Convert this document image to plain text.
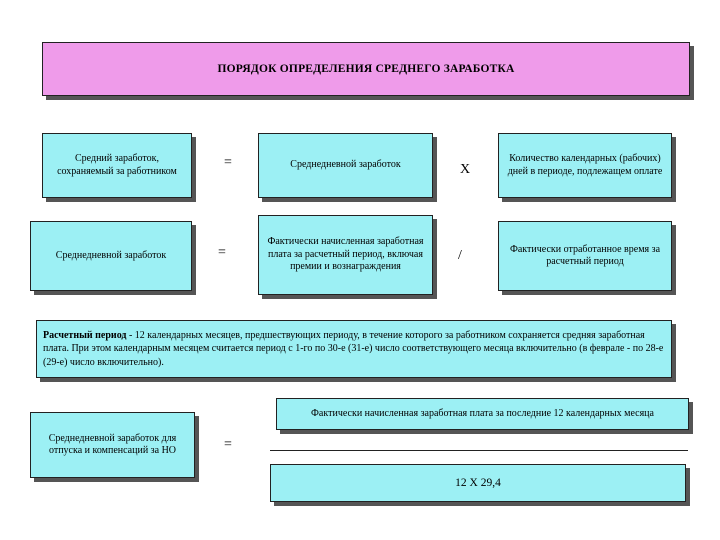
ПОРЯДОК ОПРЕДЕЛЕНИЯ СРЕДНЕГО ЗАРАБОТКА
Средний заработок, сохраняемый за работником
=	Среднедневной заработок	Х
Количество календарных (рабочих) дней в периоде, подлежащем оплате
Среднедневной заработок	=
Фактически начисленная заработная плата за расчетный период, включая премии и вознаграждения
/	Фактически отработанное время за расчетный период
Расчетный период - 12 календарных месяцев, предшествующих периоду, в течение которого за работником сохраняется средняя заработная плата. При этом календарным месяцем считается период с 1-го по 30-е (31-е) число соответствующего месяца включительно (в феврале - по 28-е (29-е) число включительно).
Среднедневной заработок для отпуска и компенсаций за НО	=
Фактически начисленная заработная плата за последние 12 календарных месяца
12 Х 29,4
